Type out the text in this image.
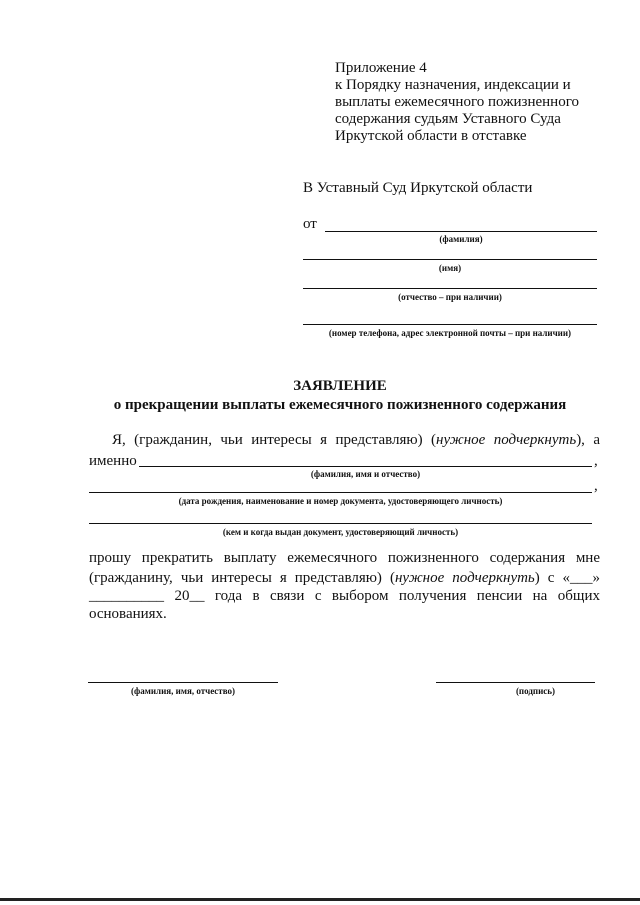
Приложение 4
к Порядку назначения, индексации и
выплаты ежемесячного пожизненного
содержания судьям Уставного Суда
Иркутской области в отставке
В Уставный Суд Иркутской области
от
(фамилия)
(имя)
(отчество – при наличии)
(номер телефона, адрес электронной почты – при наличии)
ЗАЯВЛЕНИЕ
о прекращении выплаты ежемесячного пожизненного содержания
Я, (гражданин, чьи интересы я представляю) (нужное подчеркнуть), а
именно	,
(фамилия, имя и отчество)
,
(дата рождения, наименование и номер документа, удостоверяющего личность)
(кем и когда выдан документ, удостоверяющий личность)
прошу прекратить выплату ежемесячного пожизненного содержания мне
(гражданину, чьи интересы я представляю) (нужное подчеркнуть) с «___»
__________ 20__ года в связи с выбором получения пенсии на общих
основаниях.
(фамилия, имя, отчество)	(подпись)
